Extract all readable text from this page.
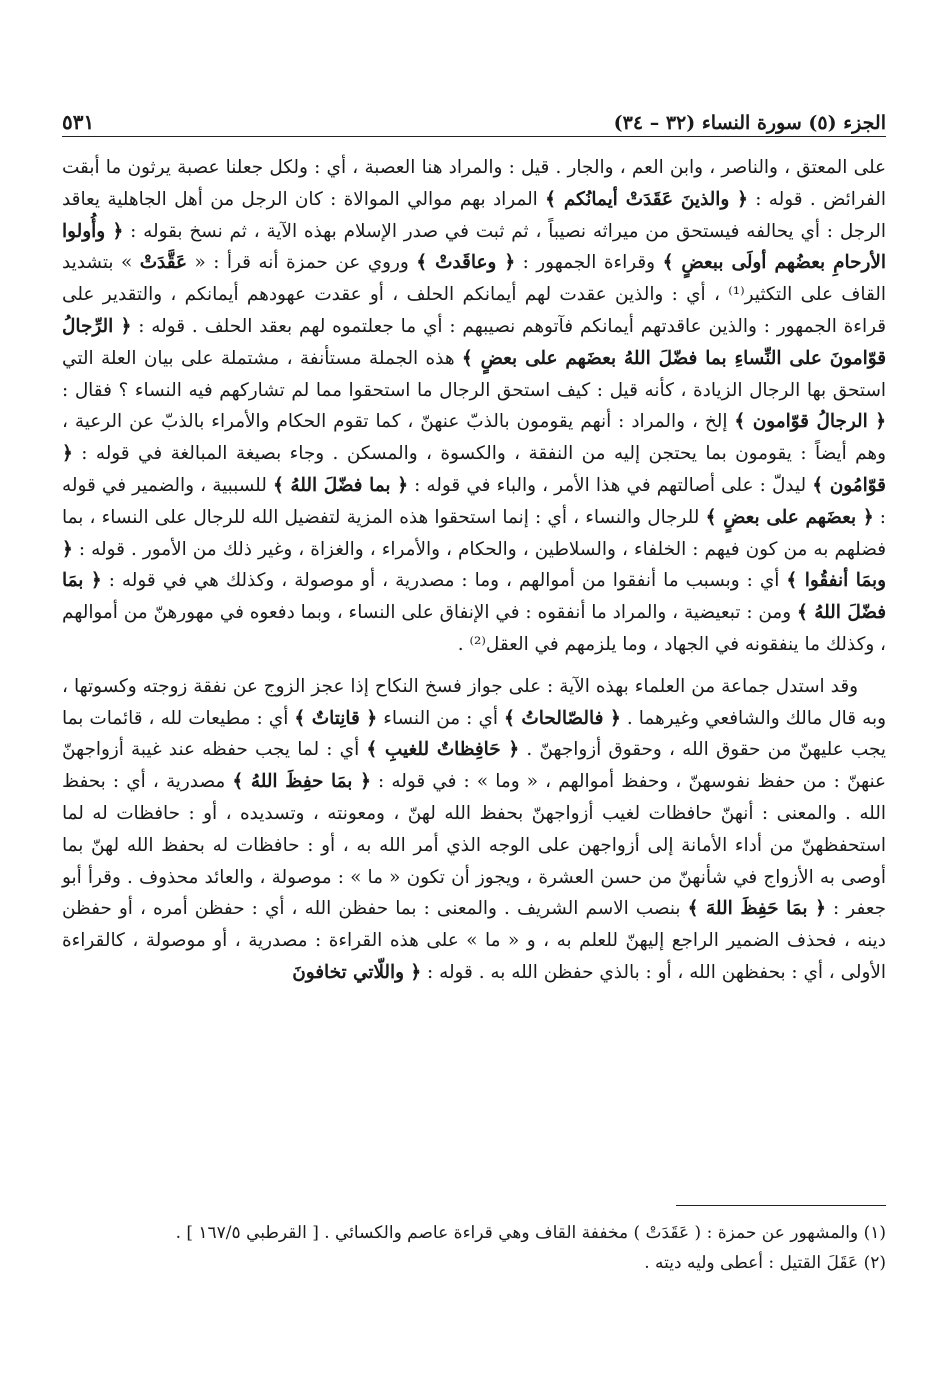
الجزء (٥) سورة النساء (٣٢ – ٣٤)
٥٣١

على المعتق ، والناصر ، وابن العم ، والجار . قيل : والمراد هنا العصبة ، أي : ولكل جعلنا عصبة يرثون ما أبقت الفرائض . قوله : ﴿ والذينَ عَقَدَتْ أيمانُكم ﴾ المراد بهم موالي الموالاة : كان الرجل من أهل الجاهلية يعاقد الرجل : أي يحالفه فيستحق من ميراثه نصيباً ، ثم ثبت في صدر الإسلام بهذه الآية ، ثم نسخ بقوله : ﴿ وأُولوا الأرحامِ بعضُهم أولَى ببعضٍ ﴾ وقراءة الجمهور : ﴿ وعاقَدتْ ﴾ وروي عن حمزة أنه قرأ : « عَقَّدَتْ » بتشديد القاف على التكثير⁽¹⁾ ، أي : والذين عقدت لهم أيمانكم الحلف ، أو عقدت عهودهم أيمانكم ، والتقدير على قراءة الجمهور : والذين عاقدتهم أيمانكم فآتوهم نصيبهم : أي ما جعلتموه لهم بعقد الحلف . قوله : ﴿ الرِّجالُ قوّامونَ على النِّساءِ بما فضّلَ اللهُ بعضَهم على بعضٍ ﴾ هذه الجملة مستأنفة ، مشتملة على بيان العلة التي استحق بها الرجال الزيادة ، كأنه قيل : كيف استحق الرجال ما استحقوا مما لم تشاركهم فيه النساء ؟ فقال : ﴿ الرجالُ قوّامون ﴾ إلخ ، والمراد : أنهم يقومون بالذبّ عنهنّ ، كما تقوم الحكام والأمراء بالذبّ عن الرعية ، وهم أيضاً : يقومون بما يحتجن إليه من النفقة ، والكسوة ، والمسكن . وجاء بصيغة المبالغة في قوله : ﴿ قوّامُون ﴾ ليدلّ : على أصالتهم في هذا الأمر ، والباء في قوله : ﴿ بما فضّلَ اللهُ ﴾ للسببية ، والضمير في قوله : ﴿ بعضَهم على بعضٍ ﴾ للرجال والنساء ، أي : إنما استحقوا هذه المزية لتفضيل الله للرجال على النساء ، بما فضلهم به من كون فيهم : الخلفاء ، والسلاطين ، والحكام ، والأمراء ، والغزاة ، وغير ذلك من الأمور . قوله : ﴿ وبمَا أنفقُوا ﴾ أي : وبسبب ما أنفقوا من أموالهم ، وما : مصدرية ، أو موصولة ، وكذلك هي في قوله : ﴿ بمَا فضّلَ اللهُ ﴾ ومن : تبعيضية ، والمراد ما أنفقوه : في الإنفاق على النساء ، وبما دفعوه في مهورهنّ من أموالهم ، وكذلك ما ينفقونه في الجهاد ، وما يلزمهم في العقل⁽²⁾ .

وقد استدل جماعة من العلماء بهذه الآية : على جواز فسخ النكاح إذا عجز الزوج عن نفقة زوجته وكسوتها ، وبه قال مالك والشافعي وغيرهما . ﴿ فالصّالحاتُ ﴾ أي : من النساء ﴿ قانِتاتٌ ﴾ أي : مطيعات لله ، قائمات بما يجب عليهنّ من حقوق الله ، وحقوق أزواجهنّ . ﴿ حَافِظاتٌ للغيبِ ﴾ أي : لما يجب حفظه عند غيبة أزواجهنّ عنهنّ : من حفظ نفوسهنّ ، وحفظ أموالهم ، « وما » : في قوله : ﴿ بمَا حفِظَ اللهُ ﴾ مصدرية ، أي : بحفظ الله . والمعنى : أنهنّ حافظات لغيب أزواجهنّ بحفظ الله لهنّ ، ومعونته ، وتسديده ، أو : حافظات له لما استحفظهنّ من أداء الأمانة إلى أزواجهن على الوجه الذي أمر الله به ، أو : حافظات له بحفظ الله لهنّ بما أوصى به الأزواج في شأنهنّ من حسن العشرة ، ويجوز أن تكون « ما » : موصولة ، والعائد محذوف . وقرأ أبو جعفر : ﴿ بمَا حَفِظَ اللهَ ﴾ بنصب الاسم الشريف . والمعنى : بما حفظن الله ، أي : حفظن أمره ، أو حفظن دينه ، فحذف الضمير الراجع إليهنّ للعلم به ، و « ما » على هذه القراءة : مصدرية ، أو موصولة ، كالقراءة الأولى ، أي : بحفظهن الله ، أو : بالذي حفظن الله به . قوله : ﴿ واللّاتي تخافونَ

(١) والمشهور عن حمزة : ( عَقَدَتْ ) مخففة القاف وهي قراءة عاصم والكسائي . [ القرطبي ١٦٧/٥ ] .

(٢) عَقَلَ القتيل : أعطى وليه ديته .
